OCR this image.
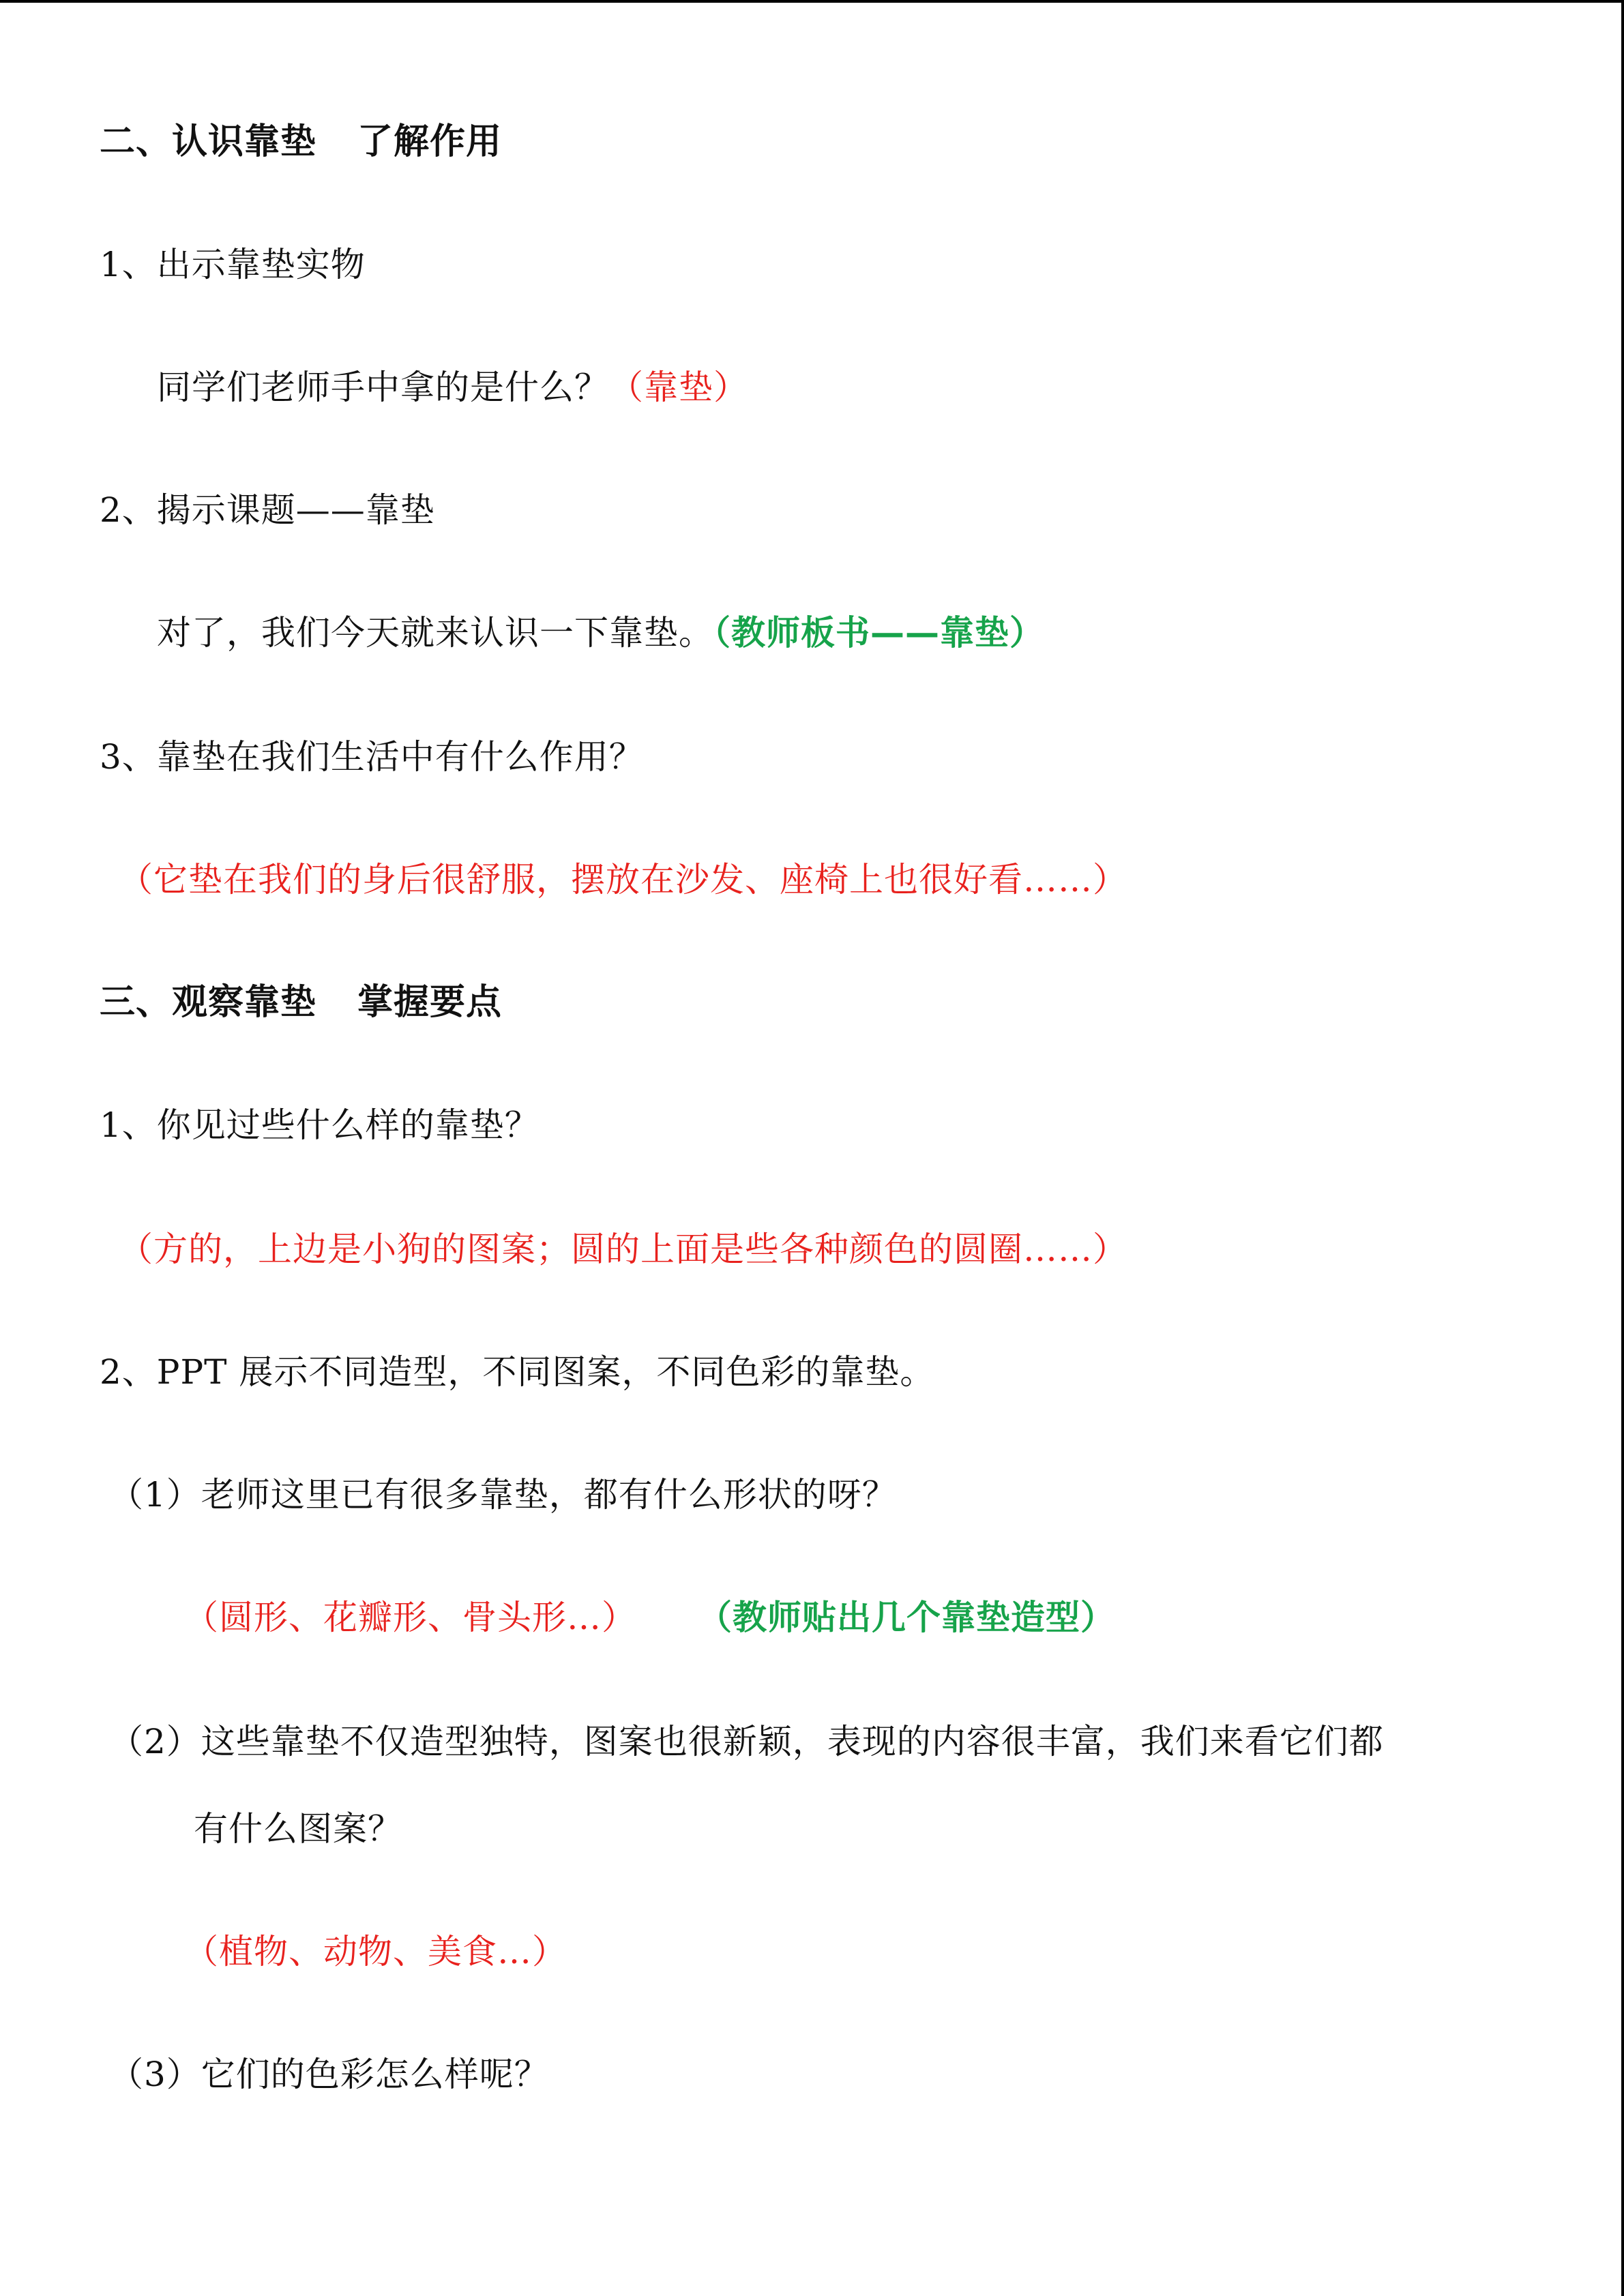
二、认识靠垫 了解作用
1、出示靠垫实物
同学们老师手中拿的是什么？（靠垫）
2、揭示课题——靠垫
对了，我们今天就来认识一下靠垫。（教师板书——靠垫）
3、靠垫在我们生活中有什么作用？
（它垫在我们的身后很舒服，摆放在沙发、座椅上也很好看……）
三、观察靠垫 掌握要点
1、你见过些什么样的靠垫？
（方的，上边是小狗的图案；圆的上面是些各种颜色的圆圈……）
2、PPT 展示不同造型，不同图案，不同色彩的靠垫。
（1）老师这里已有很多靠垫，都有什么形状的呀？
（圆形、花瓣形、骨头形…） （教师贴出几个靠垫造型）
（2）这些靠垫不仅造型独特，图案也很新颖，表现的内容很丰富，我们来看它们都
有什么图案？
（植物、动物、美食…）
（3）它们的色彩怎么样呢？
